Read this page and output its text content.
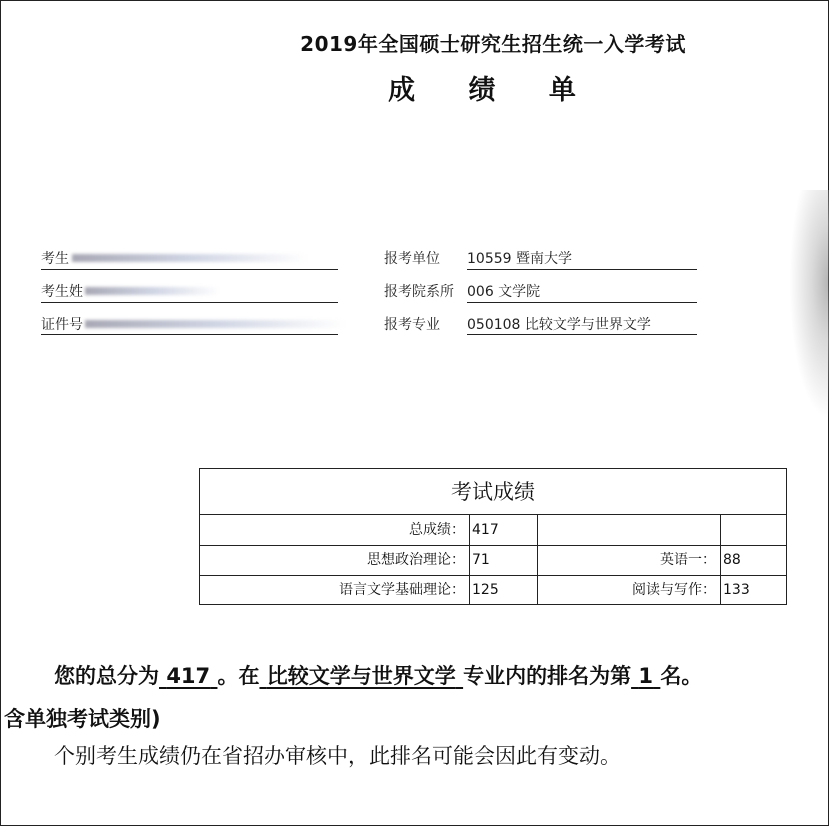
2019年全国硕士研究生招生统一入学考试
成 绩 单
考生
考生姓
证件号
报考单位 10559 暨南大学
报考院系所 006 文学院
报考专业 050108 比较文学与世界文学
考试成绩
总成绩： 417
思想政治理论： 71	英语一： 88
语言文学基础理论： 125	阅读与写作： 133
您的总分为 417 。在 比较文学与世界文学 专业内的排名为第 1 名。
含单独考试类别)
个别考生成绩仍在省招办审核中，此排名可能会因此有变动。
